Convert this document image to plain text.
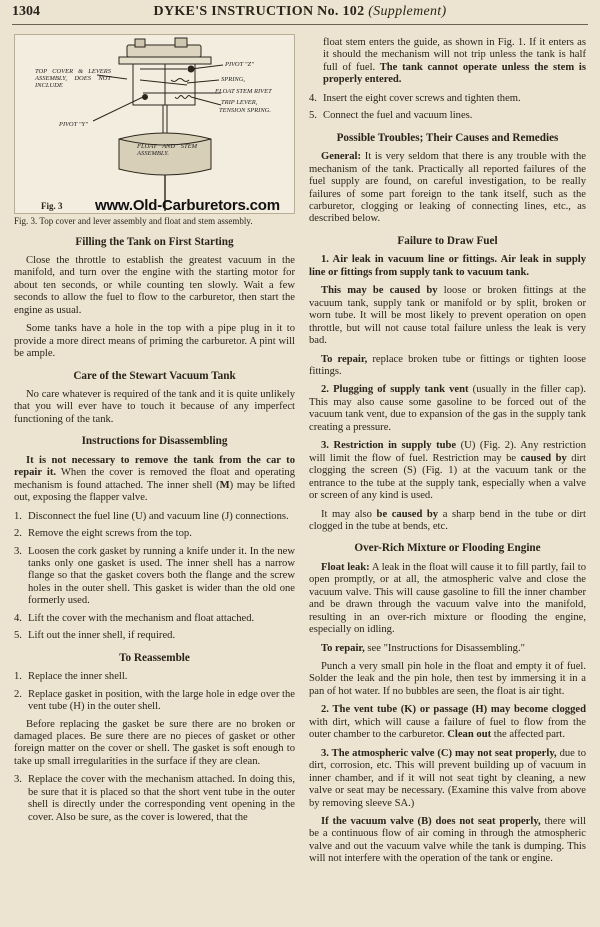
1304	DYKE'S INSTRUCTION No. 102 (Supplement)
TOP COVER & LEVERS ASSEMBLY, DOES NOT INCLUDE
PIVOT "Z"
SPRING,
FLOAT STEM RIVET
TRIP LEVER,
TENSION SPRING.
PIVOT "Y"
FLOAT AND STEM ASSEMBLY.
Fig. 3

Fig. 3. Top cover and lever assembly and float and stem assembly.

Filling the Tank on First Starting

Close the throttle to establish the greatest vacuum in the manifold, and turn over the engine with the starting motor for about ten seconds, or while counting ten slowly. Wait a few seconds to allow the fuel to flow to the carburetor, then start the engine as usual.

Some tanks have a hole in the top with a pipe plug in it to provide a more direct means of priming the carburetor. A pint will be ample.

Care of the Stewart Vacuum Tank

No care whatever is required of the tank and it is quite unlikely that you will ever have to touch it because of any imperfect functioning of the tank.

Instructions for Disassembling

It is not necessary to remove the tank from the car to repair it. When the cover is removed the float and operating mechanism is found attached. The inner shell (M) may be lifted out, exposing the flapper valve.

1. Disconnect the fuel line (U) and vacuum line (J) connections.
2. Remove the eight screws from the top.
3. Loosen the cork gasket by running a knife under it. In the new tanks only one gasket is used. The inner shell has a narrow flange so that the gasket covers both the flange and the screw holes in the outer shell. This gasket is wider than the old one formerly used.
4. Lift the cover with the mechanism and float attached.
5. Lift out the inner shell, if required.
To Reassemble
1. Replace the inner shell.
2. Replace gasket in position, with the large hole in edge over the vent tube (H) in the outer shell.

Before replacing the gasket be sure there are no broken or damaged places. Be sure there are no pieces of gasket or other foreign matter on the cover or shell. The gasket is soft enough to take up small irregularities in the surface if they are clean.

3. Replace the cover with the mechanism attached. In doing this, be sure that it is placed so that the short vent tube in the outer shell is directly under the corresponding vent opening in the cover. Also be sure, as the cover is lowered, that the

float stem enters the guide, as shown in Fig. 1. If it enters as it should the mechanism will not trip unless the tank is half full of fuel. The tank cannot operate unless the stem is properly entered.

4. Insert the eight cover screws and tighten them.
5. Connect the fuel and vacuum lines.
Possible Troubles; Their Causes and Remedies

General: It is very seldom that there is any trouble with the mechanism of the tank. Practically all reported failures of the fuel supply are found, on careful investigation, to be really failures of some part foreign to the tank itself, such as the carburetor, clogging or leaking of connecting lines, etc., as described below.

Failure to Draw Fuel

1. Air leak in vacuum line or fittings. Air leak in supply line or fittings from supply tank to vacuum tank.

This may be caused by loose or broken fittings at the vacuum tank, supply tank or manifold or by split, broken or worn tube. It will be most likely to prevent operation on open throttle, but will not cause total failure unless the leak is very bad.

To repair, replace broken tube or fittings or tighten loose fittings.

2. Plugging of supply tank vent (usually in the filler cap). This may also cause some gasoline to be forced out of the vacuum tank vent, due to expansion of the gas in the supply tank creating a pressure.

3. Restriction in supply tube (U) (Fig. 2). Any restriction will limit the flow of fuel. Restriction may be caused by dirt clogging the screen (S) (Fig. 1) at the vacuum tank or the entrance to the tube at the supply tank, especially when a valve or screen of any kind is used.

It may also be caused by a sharp bend in the tube or dirt clogged in the tube at bends, etc.

Over-Rich Mixture or Flooding Engine

Float leak: A leak in the float will cause it to fill partly, fail to open promptly, or at all, the atmospheric valve and close the vacuum valve. This will cause gasoline to fill the inner chamber and be drawn through the vacuum valve into the manifold, resulting in an over-rich mixture or flooding the engine, especially on idling.

To repair, see "Instructions for Disassembling."

Punch a very small pin hole in the float and empty it of fuel. Solder the leak and the pin hole, then test by immersing it in a pan of hot water. If no bubbles are seen, the float is air tight.

2. The vent tube (K) or passage (H) may become clogged with dirt, which will cause a failure of fuel to flow from the outer chamber to the carburetor. Clean out the affected part.

3. The atmospheric valve (C) may not seat properly, due to dirt, corrosion, etc. This will prevent building up of vacuum in inner chamber, and if it will not seat tight by cleaning, a new valve or seat may be necessary. (Examine this valve from above by removing sleeve SA.)

If the vacuum valve (B) does not seat properly, there will be a continuous flow of air coming in through the atmospheric valve and out the vacuum valve while the tank is dumping. This will not interfere with the operation of the tank or engine.

www.Old-Carburetors.com
